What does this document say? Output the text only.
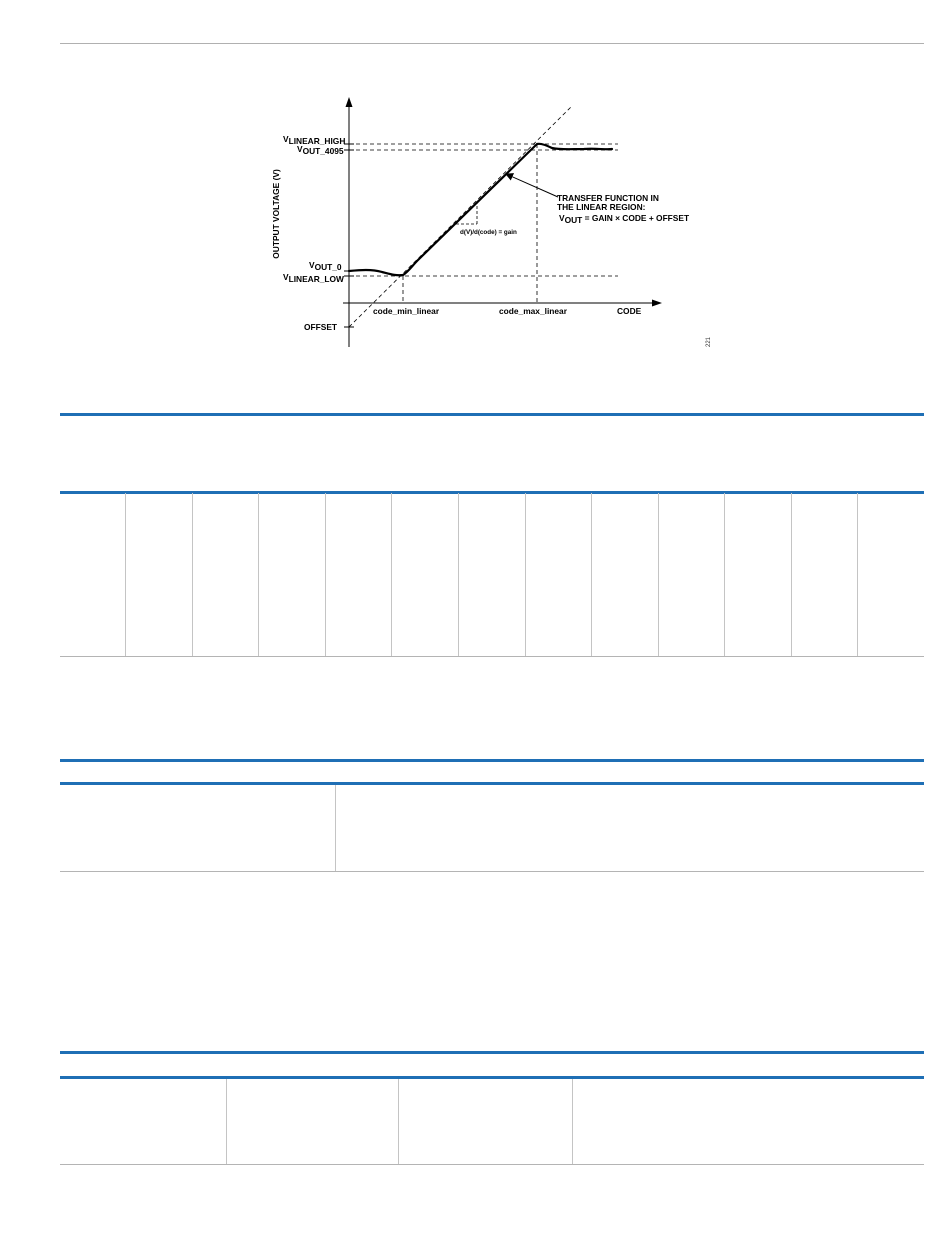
VLINEAR_HIGH
VOUT_4095
VOUT_0
VLINEAR_LOW
OFFSET
OUTPUT VOLTAGE (V)
CODE
code_min_linear	code_max_linear
d(V)/d(code) = gain
TRANSFER FUNCTION IN
THE LINEAR REGION:
VOUT = GAIN × CODE + OFFSET
221
